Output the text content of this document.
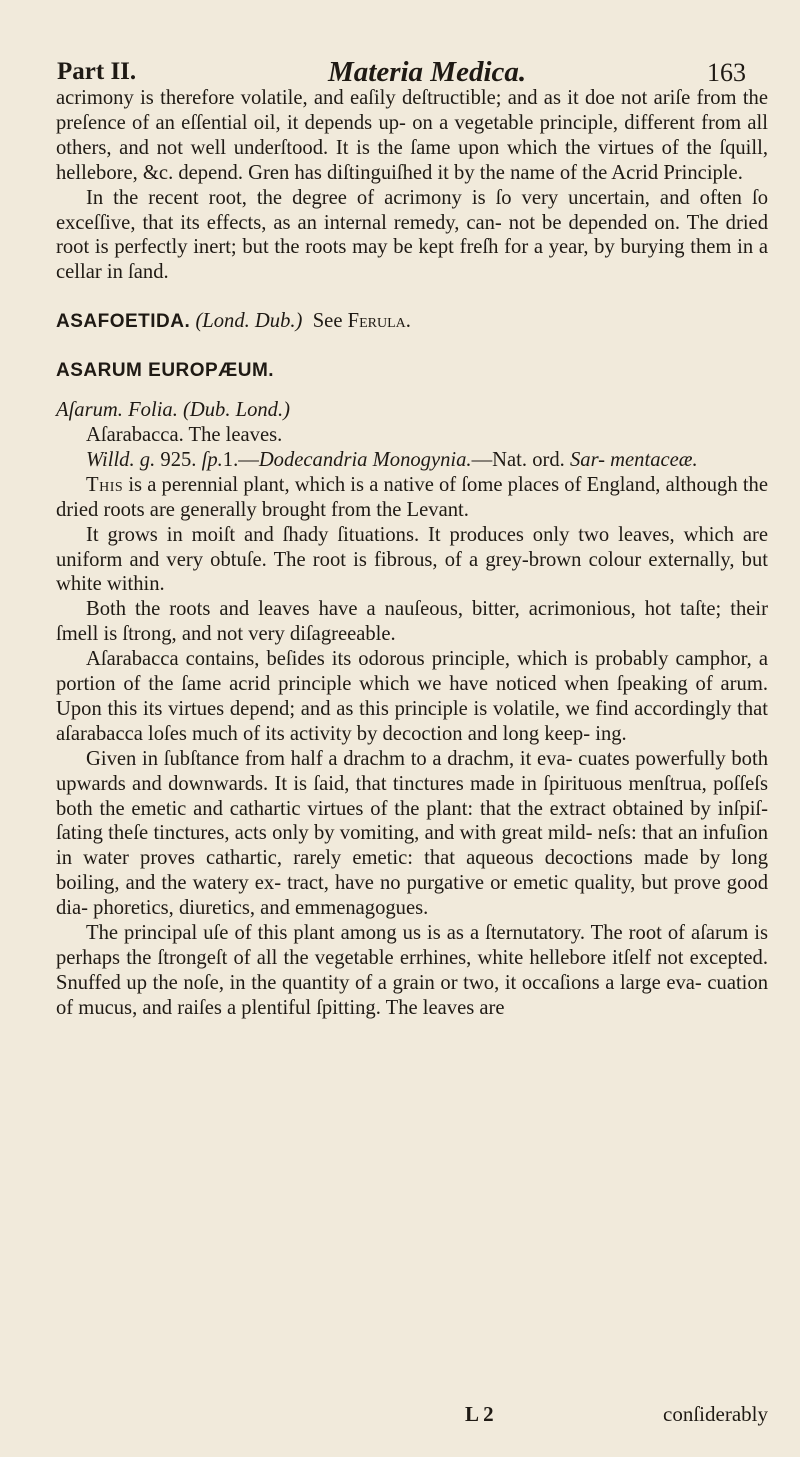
Part II.	Materia Medica.	163

acrimony is therefore volatile, and eaſily deſtructible; and as it doe not ariſe from the preſence of an eſſential oil, it depends up- on a vegetable principle, different from all others, and not well underſtood. It is the ſame upon which the virtues of the ſquill, hellebore, &c. depend. Gren has diſtinguiſhed it by the name of the Acrid Principle.

In the recent root, the degree of acrimony is ſo very uncertain, and often ſo exceſſive, that its effects, as an internal remedy, can- not be depended on. The dried root is perfectly inert; but the roots may be kept freſh for a year, by burying them in a cellar in ſand.

ASAFOETIDA. (Lond. Dub.) See Ferula.

ASARUM EUROPÆUM.

Aſarum. Folia. (Dub. Lond.)

Aſarabacca. The leaves.

Willd. g. 925. ſp.1.—Dodecandria Monogynia.—Nat. ord. Sar- mentaceæ.

This is a perennial plant, which is a native of ſome places of England, although the dried roots are generally brought from the Levant.

It grows in moiſt and ſhady ſituations. It produces only two leaves, which are uniform and very obtuſe. The root is fibrous, of a grey-brown colour externally, but white within.

Both the roots and leaves have a nauſeous, bitter, acrimonious, hot taſte; their ſmell is ſtrong, and not very diſagreeable.

Aſarabacca contains, beſides its odorous principle, which is probably camphor, a portion of the ſame acrid principle which we have noticed when ſpeaking of arum. Upon this its virtues depend; and as this principle is volatile, we find accordingly that aſarabacca loſes much of its activity by decoction and long keep- ing.

Given in ſubſtance from half a drachm to a drachm, it eva- cuates powerfully both upwards and downwards. It is ſaid, that tinctures made in ſpirituous menſtrua, poſſeſs both the emetic and cathartic virtues of the plant: that the extract obtained by inſpiſ- ſating theſe tinctures, acts only by vomiting, and with great mild- neſs: that an infuſion in water proves cathartic, rarely emetic: that aqueous decoctions made by long boiling, and the watery ex- tract, have no purgative or emetic quality, but prove good dia- phoretics, diuretics, and emmenagogues.

The principal uſe of this plant among us is as a ſternutatory. The root of aſarum is perhaps the ſtrongeſt of all the vegetable errhines, white hellebore itſelf not excepted. Snuffed up the noſe, in the quantity of a grain or two, it occaſions a large eva- cuation of mucus, and raiſes a plentiful ſpitting. The leaves are

L 2	conſiderably
